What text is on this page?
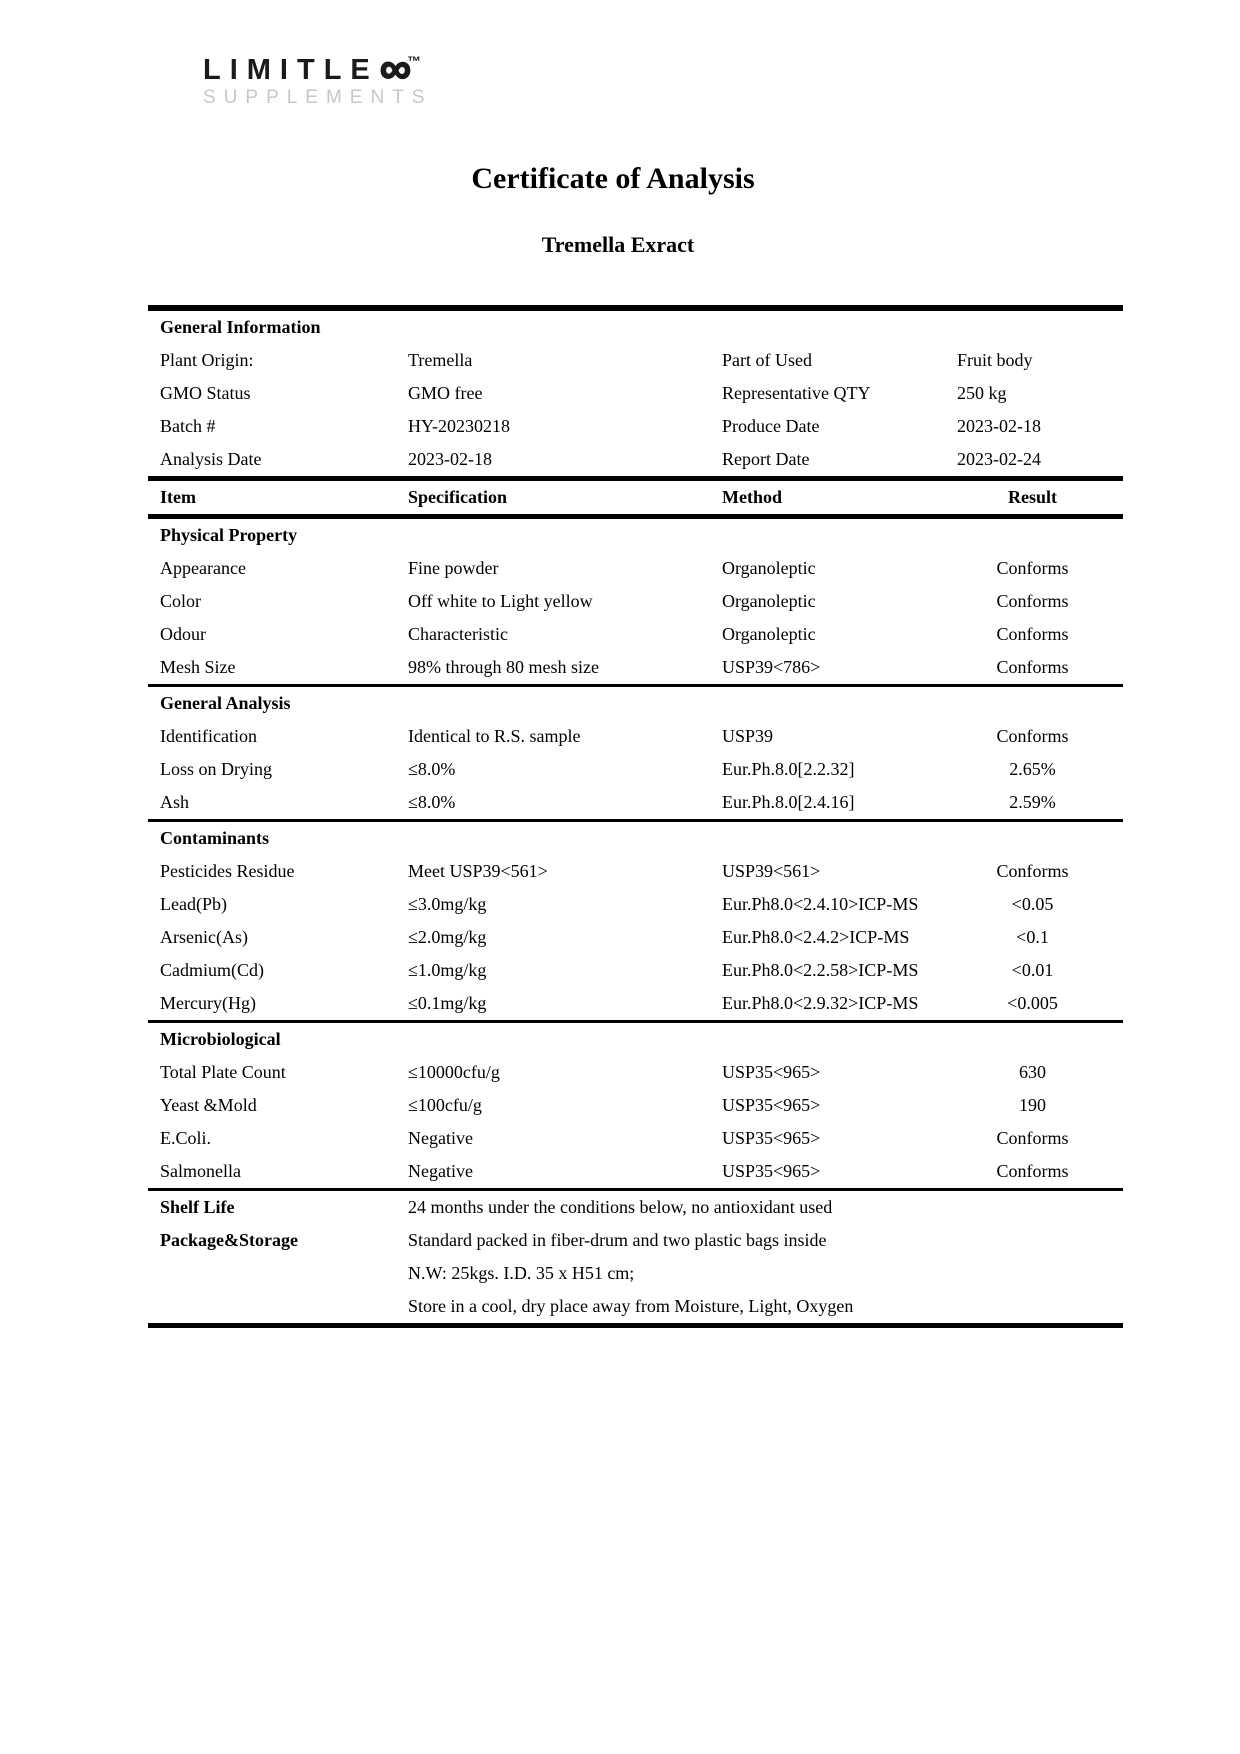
LIMITLE∞™
SUPPLEMENTS
Certificate of Analysis
Tremella Exract
General Information
Plant Origin:	Tremella	Part of Used	Fruit body
GMO Status	GMO free	Representative QTY	250 kg
Batch #	HY-20230218	Produce Date	2023-02-18
Analysis Date	2023-02-18	Report Date	2023-02-24
Item	Specification	Method	Result
Physical Property
Appearance	Fine powder	Organoleptic	Conforms
Color	Off white to Light yellow	Organoleptic	Conforms
Odour	Characteristic	Organoleptic	Conforms
Mesh Size	98% through 80 mesh size	USP39<786>	Conforms
General Analysis
Identification	Identical to R.S. sample	USP39	Conforms
Loss on Drying	≤8.0%	Eur.Ph.8.0[2.2.32]	2.65%
Ash	≤8.0%	Eur.Ph.8.0[2.4.16]	2.59%
Contaminants
Pesticides Residue	Meet USP39<561>	USP39<561>	Conforms
Lead(Pb)	≤3.0mg/kg	Eur.Ph8.0<2.4.10>ICP-MS	<0.05
Arsenic(As)	≤2.0mg/kg	Eur.Ph8.0<2.4.2>ICP-MS	<0.1
Cadmium(Cd)	≤1.0mg/kg	Eur.Ph8.0<2.2.58>ICP-MS	<0.01
Mercury(Hg)	≤0.1mg/kg	Eur.Ph8.0<2.9.32>ICP-MS	<0.005
Microbiological
Total Plate Count	≤10000cfu/g	USP35<965>	630
Yeast &Mold	≤100cfu/g	USP35<965>	190
E.Coli.	Negative	USP35<965>	Conforms
Salmonella	Negative	USP35<965>	Conforms
Shelf Life	24 months under the conditions below, no antioxidant used
Package&Storage	Standard packed in fiber-drum and two plastic bags inside
N.W: 25kgs. I.D. 35 x H51 cm;
Store in a cool, dry place away from Moisture, Light, Oxygen
